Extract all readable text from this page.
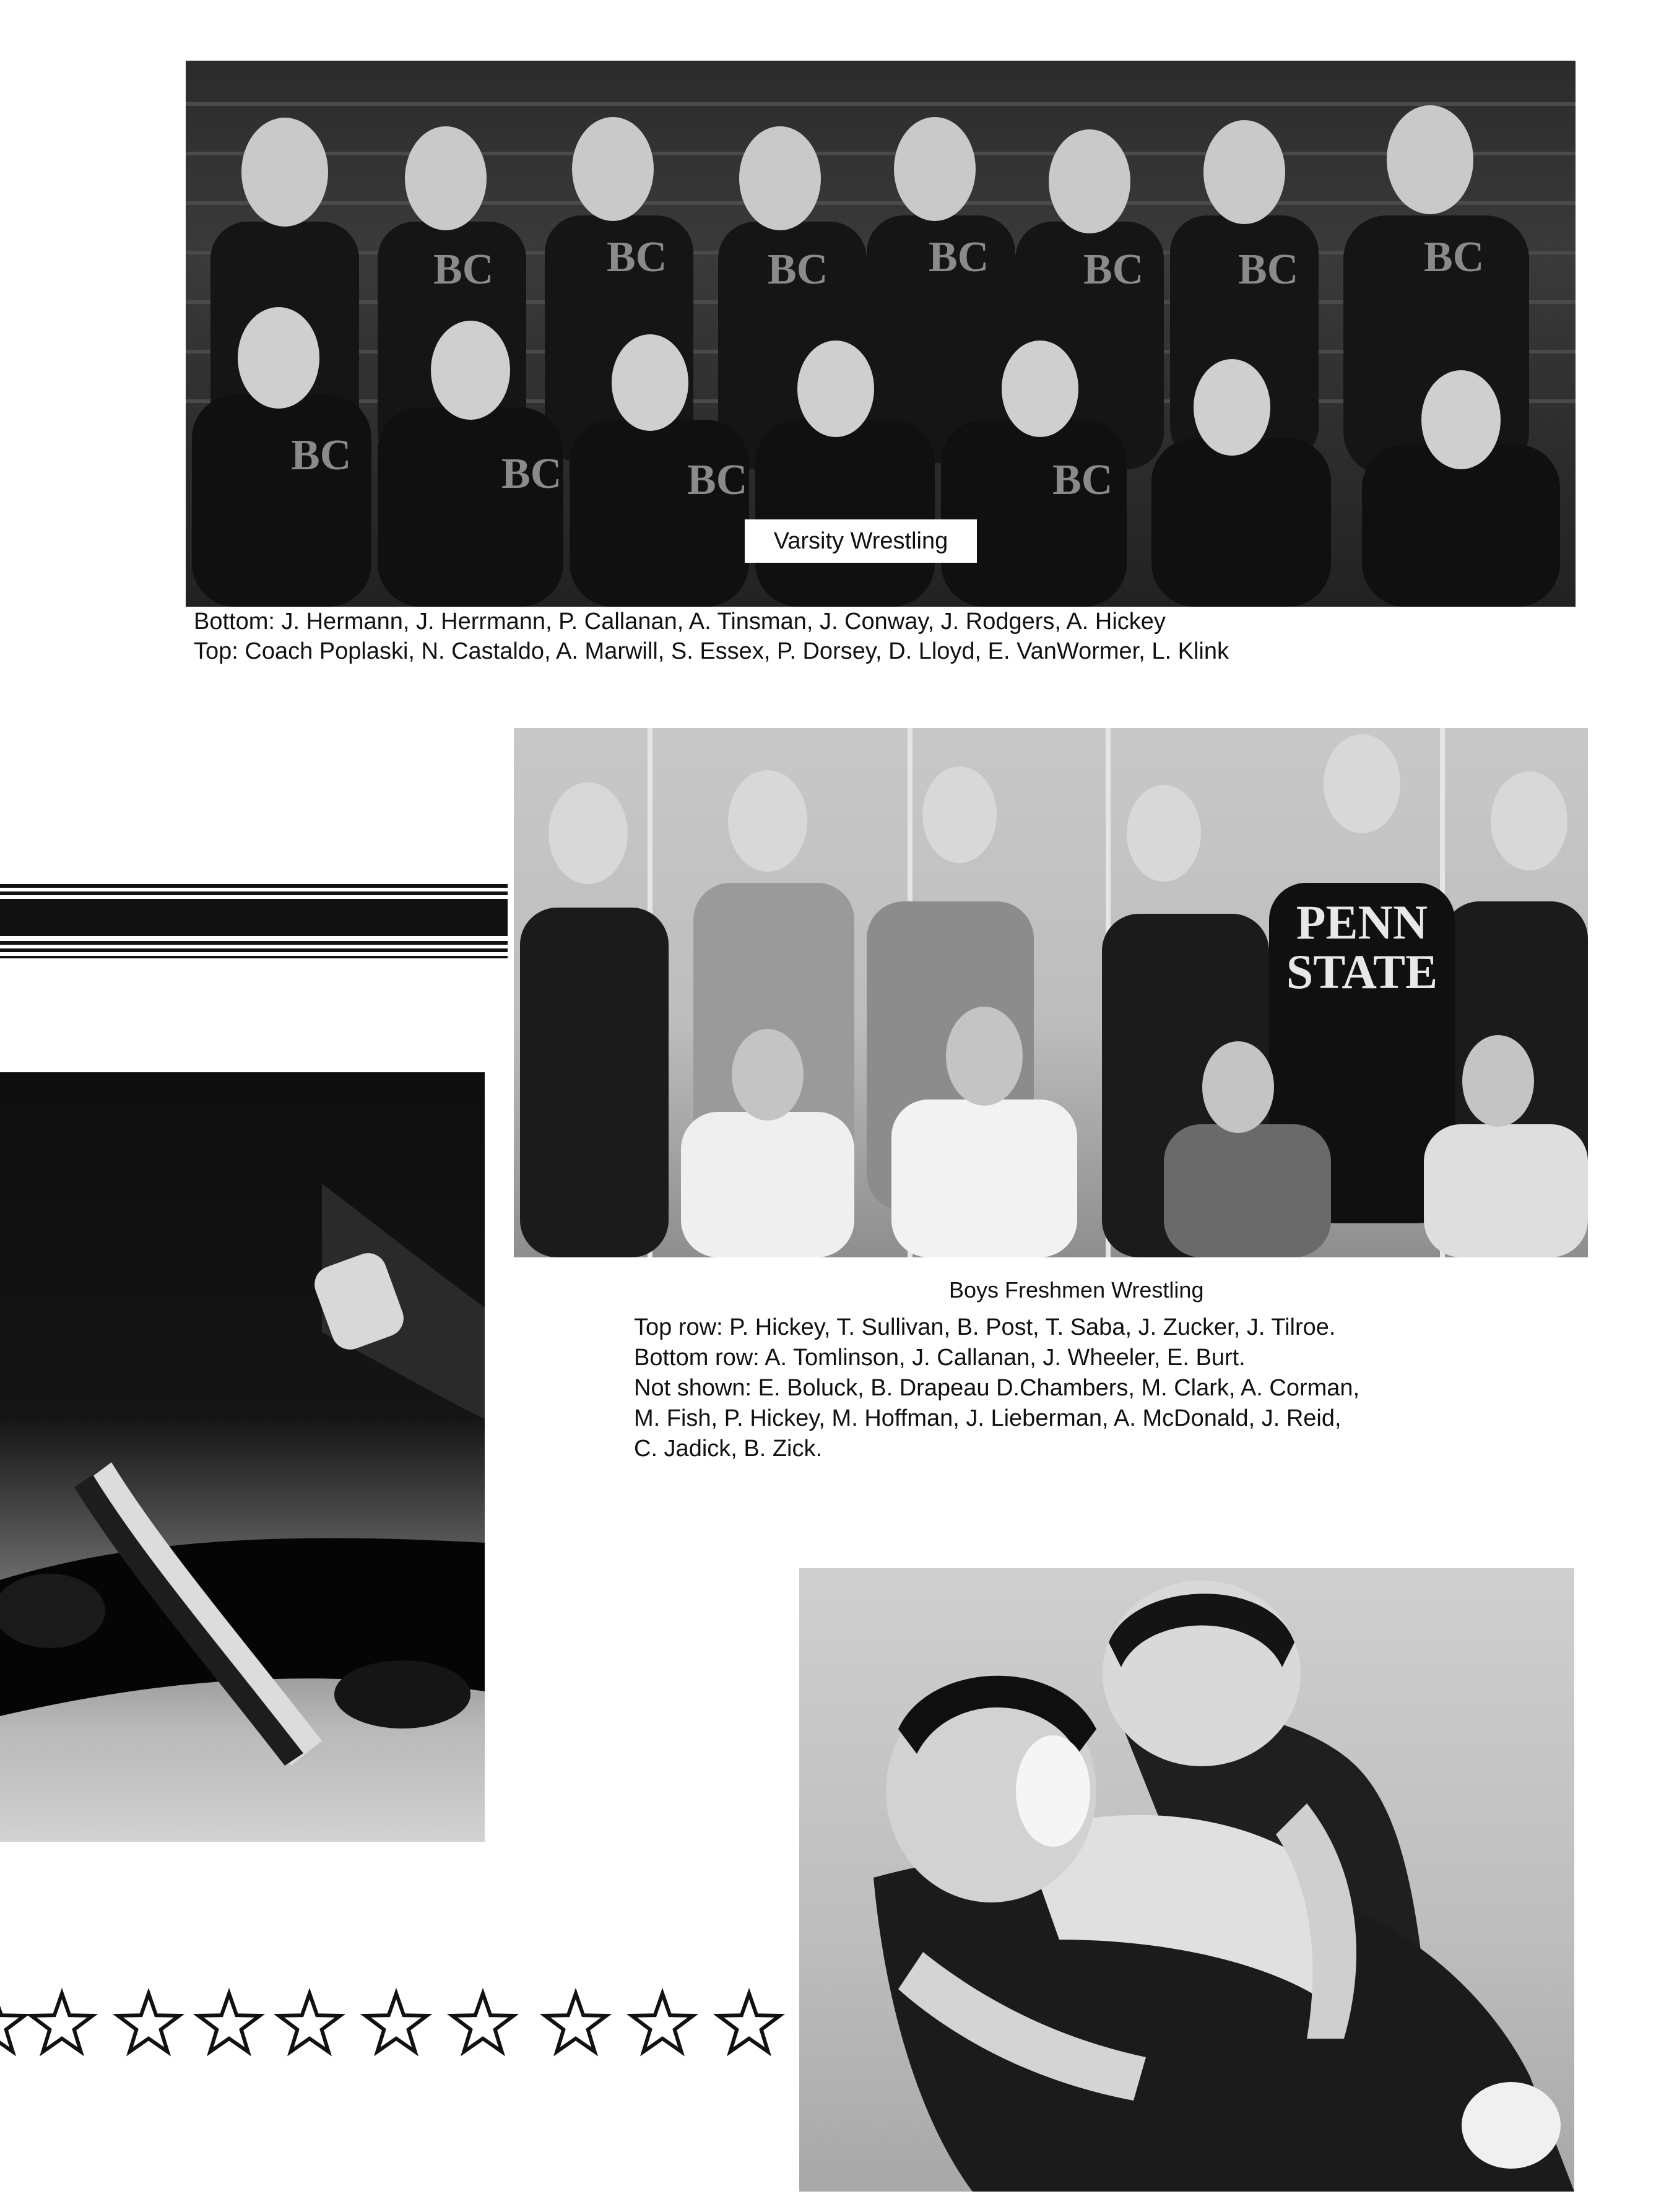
BC	BC BC BC BC BC	BC
BC	BC	BC	BC
Varsity Wrestling
Bottom: J. Hermann, J. Herrmann, P. Callanan, A. Tinsman, J. Conway, J. Rodgers, A. Hickey
Top: Coach Poplaski, N. Castaldo, A. Marwill, S. Essex, P. Dorsey, D. Lloyd, E. VanWormer, L. Klink
PENN
STATE
Boys Freshmen Wrestling
Top row: P. Hickey, T. Sullivan, B. Post, T. Saba, J. Zucker, J. Tilroe.
Bottom row: A. Tomlinson, J. Callanan, J. Wheeler, E. Burt.
Not shown: E. Boluck, B. Drapeau D.Chambers, M. Clark, A. Corman,
M. Fish, P. Hickey, M. Hoffman, J. Lieberman, A. McDonald, J. Reid,
C. Jadick, B. Zick.
